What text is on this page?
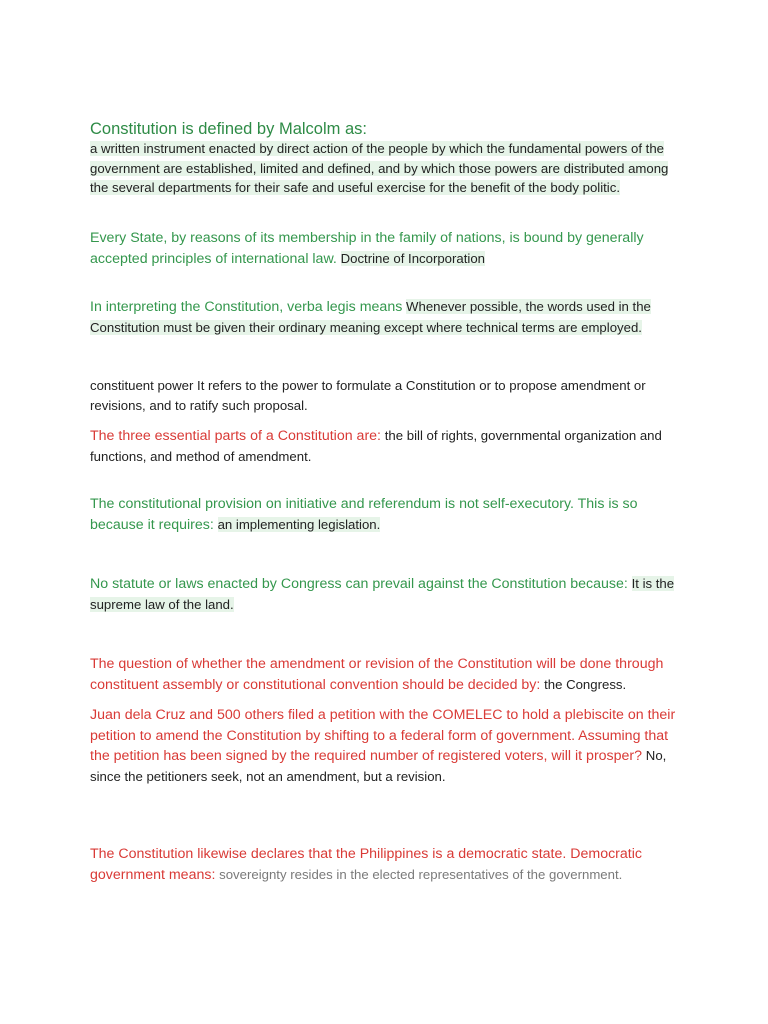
Constitution is defined by Malcolm as:
a written instrument enacted by direct action of the people by which the fundamental powers of the government are established, limited and defined, and by which those powers are distributed among the several departments for their safe and useful exercise for the benefit of the body politic.
Every State, by reasons of its membership in the family of nations, is bound by generally accepted principles of international law. Doctrine of Incorporation
In interpreting the Constitution, verba legis means Whenever possible, the words used in the Constitution must be given their ordinary meaning except where technical terms are employed.
constituent power It refers to the power to formulate a Constitution or to propose amendment or revisions, and to ratify such proposal.
The three essential parts of a Constitution are: the bill of rights, governmental organization and functions, and method of amendment.
The constitutional provision on initiative and referendum is not self-executory. This is so because it requires: an implementing legislation.
No statute or laws enacted by Congress can prevail against the Constitution because: It is the supreme law of the land.
The question of whether the amendment or revision of the Constitution will be done through constituent assembly or constitutional convention should be decided by: the Congress.
Juan dela Cruz and 500 others filed a petition with the COMELEC to hold a plebiscite on their petition to amend the Constitution by shifting to a federal form of government. Assuming that the petition has been signed by the required number of registered voters, will it prosper? No, since the petitioners seek, not an amendment, but a revision.
The Constitution likewise declares that the Philippines is a democratic state. Democratic government means: sovereignty resides in the elected representatives of the government.
